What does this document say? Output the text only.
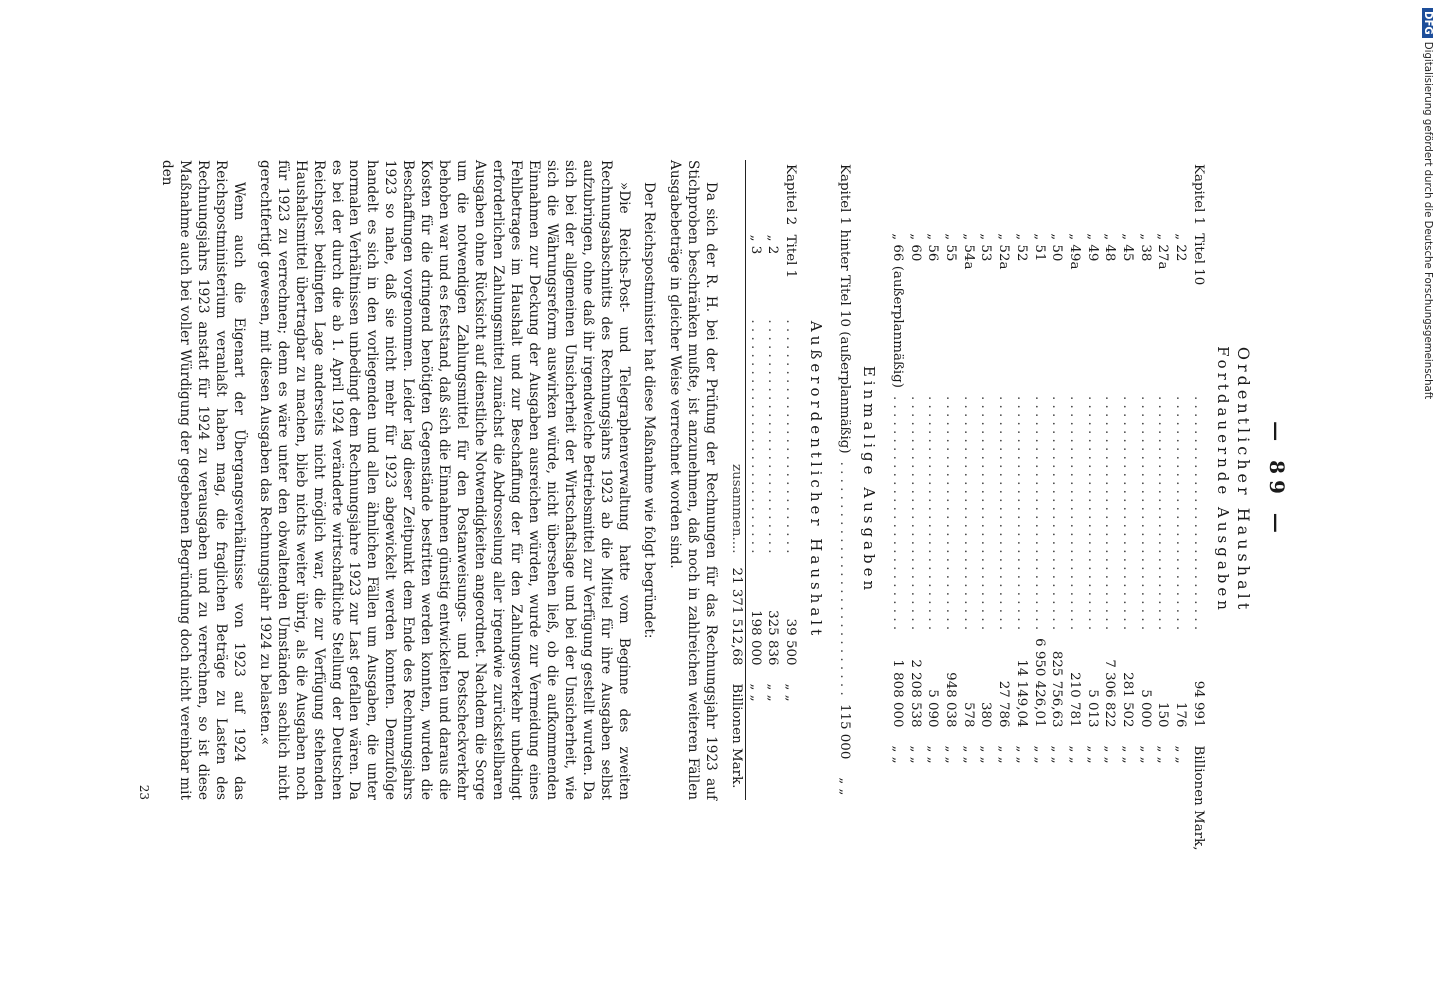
— 89 —
Ordentlicher Haushalt
Fortdauernde Ausgaben
Kapitel 1	Titel 10	. . . . . . . . . . . . . . . . . . . . . . . . . . . .	94 991	Billionen Mark,
	„ 22	. . . . . . . . . . . . . . . . . . . . . . . . . . . .	176	„ „
	„ 27a	. . . . . . . . . . . . . . . . . . . . . . . . . . . .	150	„ „
	„ 38	. . . . . . . . . . . . . . . . . . . . . . . . . . . .	5 000	„ „
	„ 45	. . . . . . . . . . . . . . . . . . . . . . . . . . . .	281 502	„ „
	„ 48	. . . . . . . . . . . . . . . . . . . . . . . . . . . .	7 306 822	„ „
	„ 49	. . . . . . . . . . . . . . . . . . . . . . . . . . . .	5 013	„ „
	„ 49a	. . . . . . . . . . . . . . . . . . . . . . . . . . . .	210 781	„ „
	„ 50	. . . . . . . . . . . . . . . . . . . . . . . . . . . .	825 756,63	„ „
	„ 51	. . . . . . . . . . . . . . . . . . . . . . . . . . . .	6 950 426,01	„ „
	„ 52	. . . . . . . . . . . . . . . . . . . . . . . . . . . .	14 149,04	„ „
	„ 52a	. . . . . . . . . . . . . . . . . . . . . . . . . . . .	27 786	„ „
	„ 53	. . . . . . . . . . . . . . . . . . . . . . . . . . . .	380	„ „
	„ 54a	. . . . . . . . . . . . . . . . . . . . . . . . . . . .	578	„ „
	„ 55	. . . . . . . . . . . . . . . . . . . . . . . . . . . .	948 038	„ „
	„ 56	. . . . . . . . . . . . . . . . . . . . . . . . . . . .	5 090	„ „
	„ 60	. . . . . . . . . . . . . . . . . . . . . . . . . . . .	2 208 538	„ „
	„ 66 (außerplanmäßig)	. . . . . . . . . . . . . . . . . . . . . . . . . . . .	1 808 000	„ „
Einmalige Ausgaben
Kapitel 1 hinter Titel 10 (außerplanmäßig)	. . . . . . . . . . . . . . . . . . . . . . . . . . . .	115 000	„ „
Außerordentlicher Haushalt
Kapitel 2	Titel 1	. . . . . . . . . . . . . . . . . . . . . . . . . . . .	39 500	„ „
	„ 2	. . . . . . . . . . . . . . . . . . . . . . . . . . . .	325 836	„ „
	„ 3	. . . . . . . . . . . . . . . . . . . . . . . . . . . .	198 000	„ „
		zusammen....	21 371 512,68	Billionen Mark.

Da sich der R. H. bei der Prüfung der Rechnungen für das Rechnungsjahr 1923 auf Stichproben beschränken mußte, ist anzunehmen, daß noch in zahlreichen weiteren Fällen Ausgabebeträge in gleicher Weise verrechnet worden sind.

Der Reichspostminister hat diese Maßnahme wie folgt begründet:

»Die Reichs-Post- und Telegraphenverwaltung hatte vom Beginne des zweiten Rechnungsabschnitts des Rechnungsjahrs 1923 ab die Mittel für ihre Ausgaben selbst aufzubringen, ohne daß ihr irgendwelche Betriebsmittel zur Verfügung gestellt wurden. Da sich bei der allgemeinen Unsicherheit der Wirtschaftslage und bei der Unsicherheit, wie sich die Währungsreform auswirken würde, nicht übersehen ließ, ob die aufkommenden Einnahmen zur Deckung der Ausgaben ausreichen würden, wurde zur Vermeidung eines Fehlbetrages im Haushalt und zur Beschaffung der für den Zahlungsverkehr unbedingt erforderlichen Zahlungsmittel zunächst die Abdrosselung aller irgendwie zurückstellbaren Ausgaben ohne Rücksicht auf dienstliche Notwendigkeiten angeordnet. Nachdem die Sorge um die notwendigen Zahlungsmittel für den Postanweisungs- und Postscheckverkehr behoben war und es feststand, daß sich die Einnahmen günstig entwickelten und daraus die Kosten für die dringend benötigten Gegenstände bestritten werden konnten, wurden die Beschaffungen vorgenommen. Leider lag dieser Zeitpunkt dem Ende des Rechnungsjahrs 1923 so nahe, daß sie nicht mehr für 1923 abgewickelt werden konnten. Demzufolge handelt es sich in den vorliegenden und allen ähnlichen Fällen um Ausgaben, die unter normalen Verhältnissen unbedingt dem Rechnungsjahre 1923 zur Last gefallen wären. Da es bei der durch die ab 1. April 1924 veränderte wirtschaftliche Stellung der Deutschen Reichspost bedingten Lage anderseits nicht möglich war, die zur Verfügung stehenden Haushaltsmittel übertragbar zu machen, blieb nichts weiter übrig, als die Ausgaben noch für 1923 zu verrechnen; denn es wäre unter den obwaltenden Umständen sachlich nicht gerechtfertigt gewesen, mit diesen Ausgaben das Rechnungsjahr 1924 zu belasten.«

Wenn auch die Eigenart der Übergangsverhältnisse von 1923 auf 1924 das Reichspostministerium veranlaßt haben mag, die fraglichen Beträge zu Lasten des Rechnungsjahrs 1923 anstatt für 1924 zu verausgaben und zu verrechnen, so ist diese Maßnahme auch bei voller Würdigung der gegebenen Begründung doch nicht vereinbar mit den

23
DFGDigitalisierung gefördert durch die Deutsche Forschungsgemeinschaft
